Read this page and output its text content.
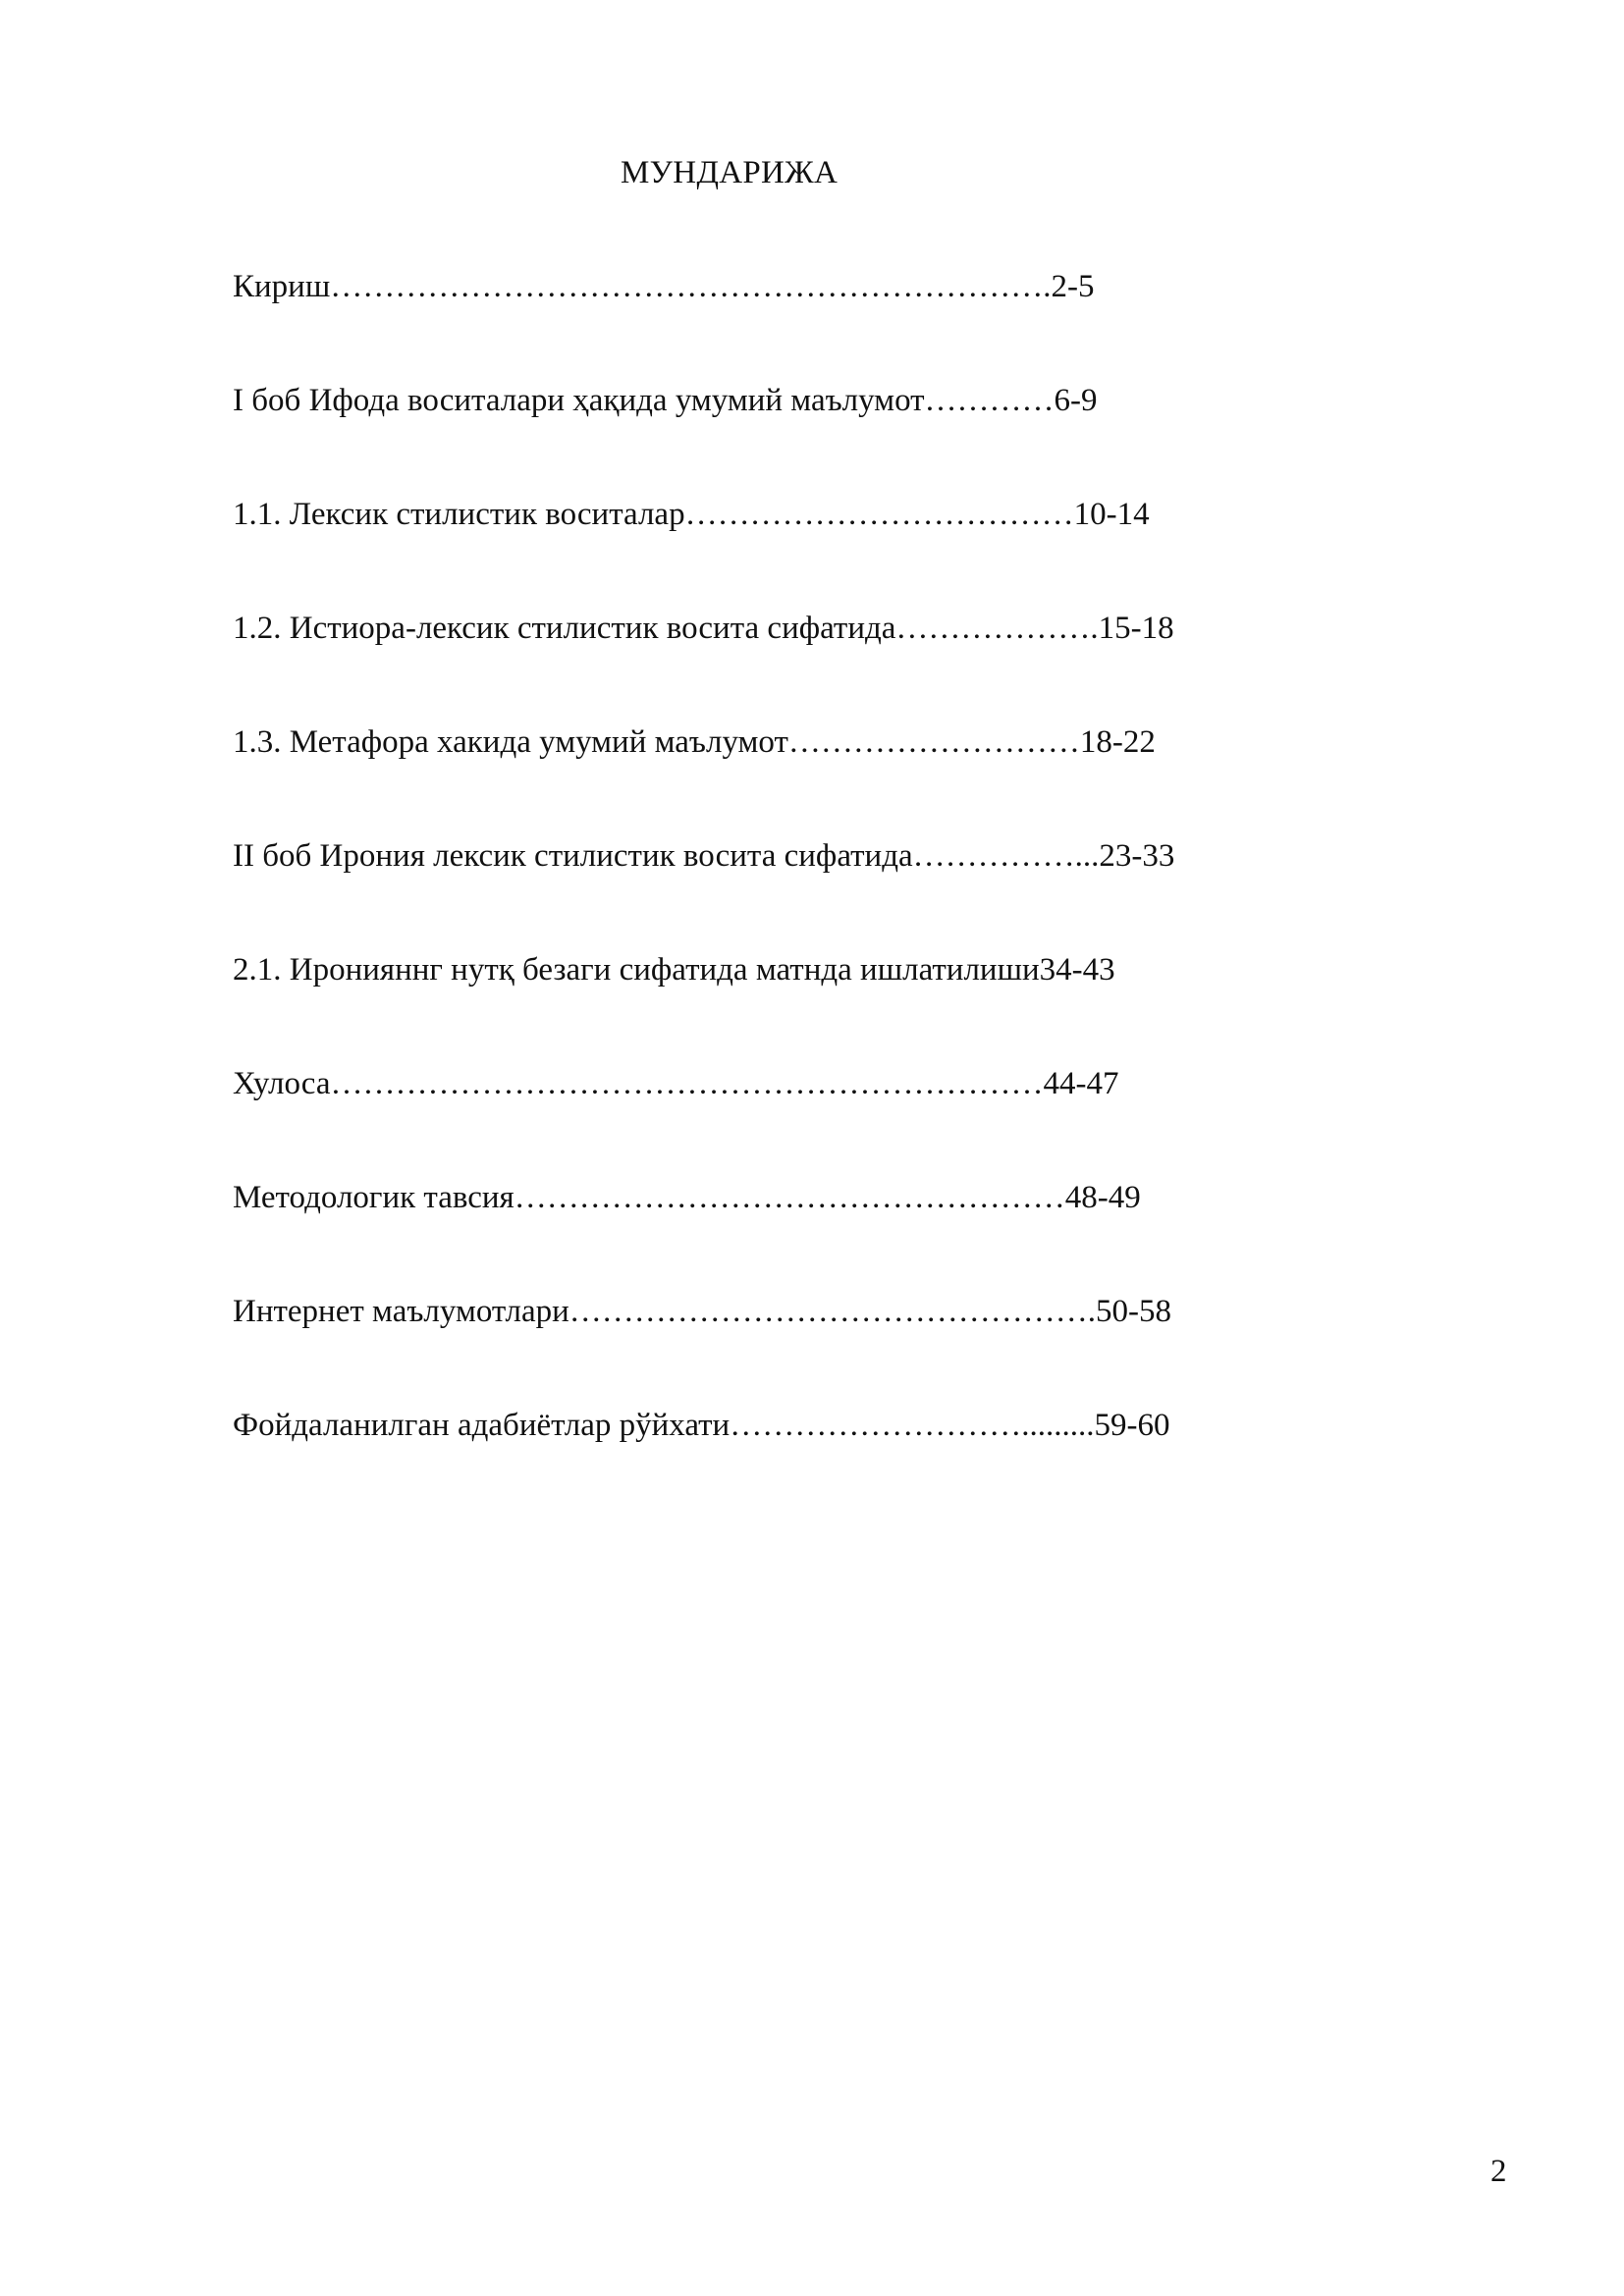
МУНДАРИЖА
Кириш………………………………………………………….2-5
I боб Ифода воситалари ҳақида умумий маълумот…………6-9
1.1. Лексик стилистик воситалар………………………………10-14
1.2. Истиора-лексик стилистик восита сифатида……………….15-18
1.3. Метафора хакида умумий маълумот………………………18-22
II боб Ирония лексик стилистик восита сифатида……………...23-33
2.1. Иронияннг нутқ безаги сифатида матнда ишлатилиши34-43
Хулоса…………………………………………………………44-47
Методологик тавсия……………………………………………48-49
Интернет маълумотлари………………………………………….50-58
Фойдаланилган адабиётлар рўйхати……………………….........59-60
2
